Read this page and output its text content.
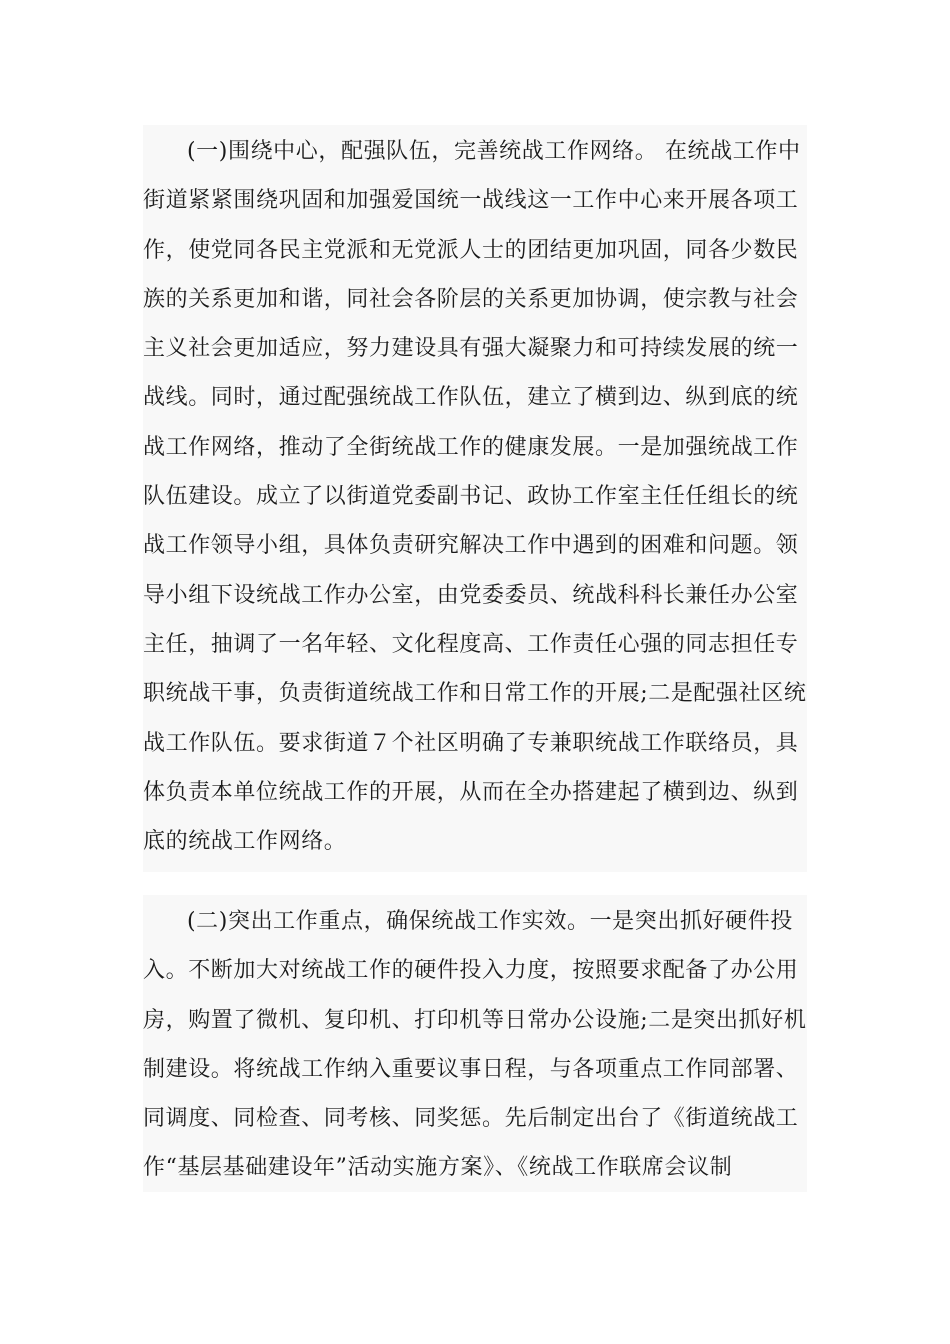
(一)围绕中心，配强队伍，完善统战工作网络。 在统战工作中
街道紧紧围绕巩固和加强爱国统一战线这一工作中心来开展各项工
作，使党同各民主党派和无党派人士的团结更加巩固，同各少数民
族的关系更加和谐，同社会各阶层的关系更加协调，使宗教与社会
主义社会更加适应，努力建设具有强大凝聚力和可持续发展的统一
战线。同时，通过配强统战工作队伍，建立了横到边、纵到底的统
战工作网络，推动了全街统战工作的健康发展。一是加强统战工作
队伍建设。成立了以街道党委副书记、政协工作室主任任组长的统
战工作领导小组，具体负责研究解决工作中遇到的困难和问题。领
导小组下设统战工作办公室，由党委委员、统战科科长兼任办公室
主任，抽调了一名年轻、文化程度高、工作责任心强的同志担任专
职统战干事，负责街道统战工作和日常工作的开展;二是配强社区统
战工作队伍。要求街道７个社区明确了专兼职统战工作联络员，具
体负责本单位统战工作的开展，从而在全办搭建起了横到边、纵到
底的统战工作网络。
(二)突出工作重点，确保统战工作实效。一是突出抓好硬件投
入。不断加大对统战工作的硬件投入力度，按照要求配备了办公用
房，购置了微机、复印机、打印机等日常办公设施;二是突出抓好机
制建设。将统战工作纳入重要议事日程，与各项重点工作同部署、
同调度、同检查、同考核、同奖惩。先后制定出台了《街道统战工
作“基层基础建设年”活动实施方案》、《统战工作联席会议制
